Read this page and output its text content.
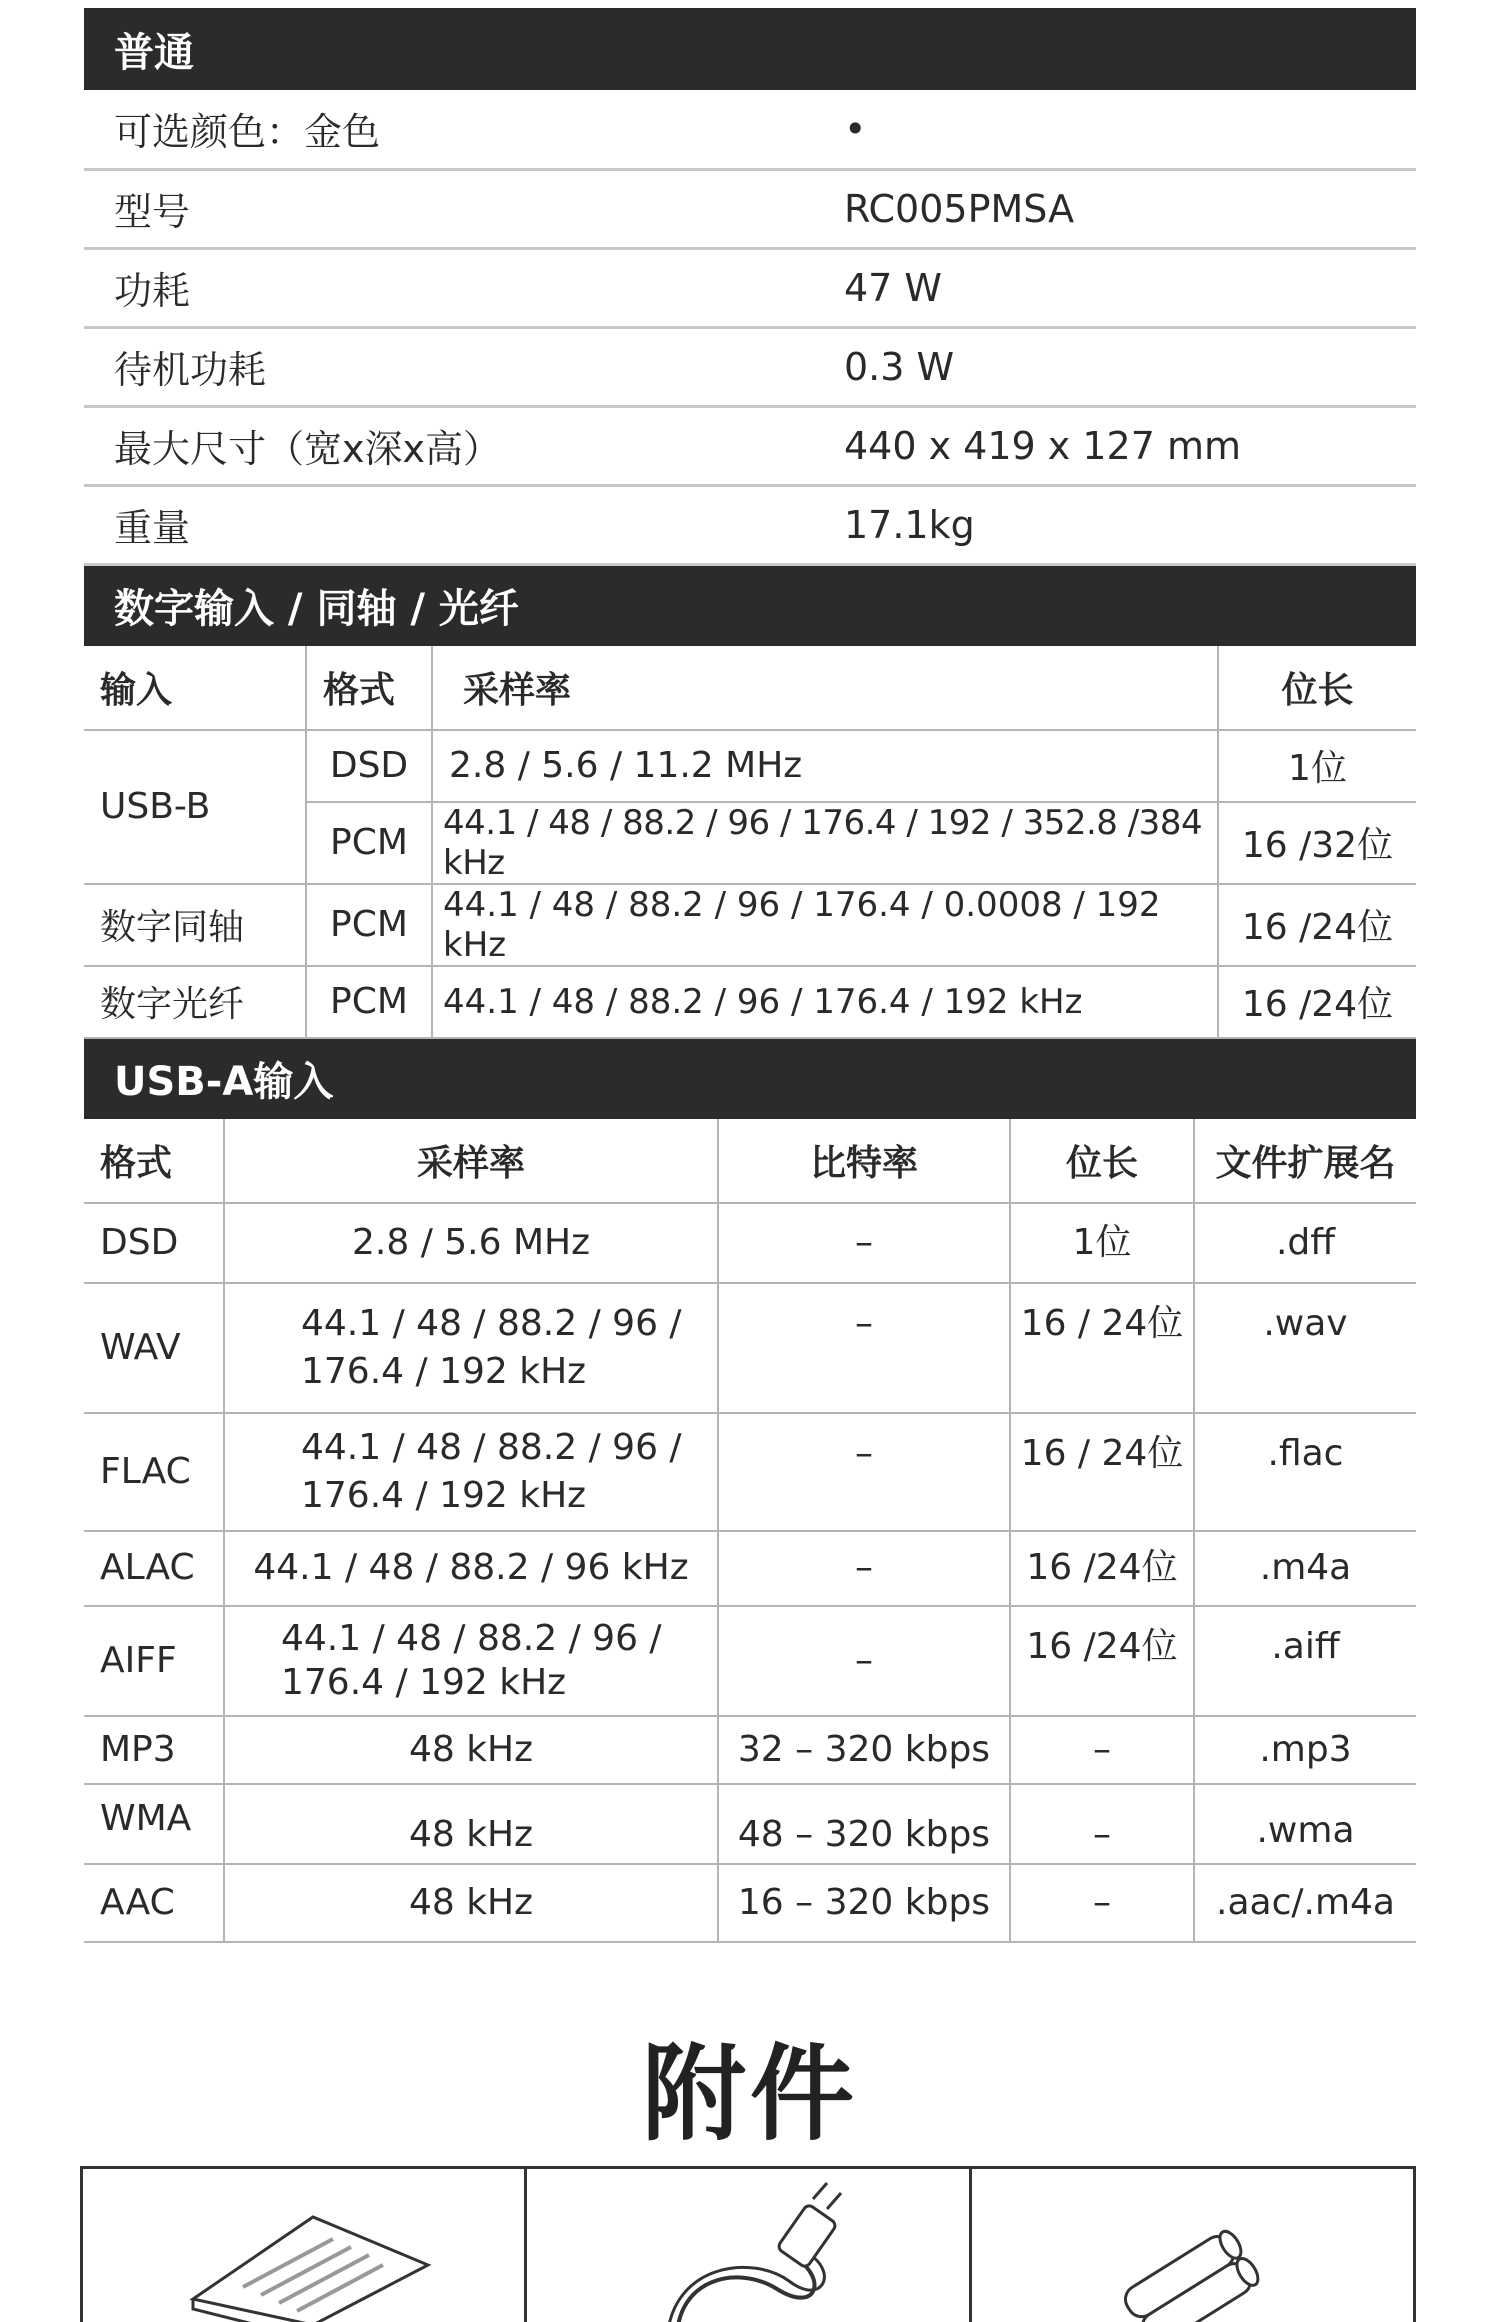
普通
可选颜色：金色	•
型号	RC005PMSA
功耗	47 W
待机功耗	0.3 W
最大尺寸（宽x深x高）	440 x 419 x 127 mm
重量	17.1kg
数字输入 / 同轴 / 光纤
输入	格式	采样率	位长
USB-B	DSD	2.8 / 5.6 / 11.2 MHz	1位
	PCM	44.1 / 48 / 88.2 / 96 / 176.4 / 192 / 352.8 /384 kHz	16 /32位
数字同轴	PCM	44.1 / 48 / 88.2 / 96 / 176.4 / 0.0008 / 192 kHz	16 /24位
数字光纤	PCM	44.1 / 48 / 88.2 / 96 / 176.4 / 192 kHz	16 /24位
USB-A输入
格式	采样率	比特率	位长	文件扩展名
DSD	2.8 / 5.6 MHz	–	1位	.dff
WAV	44.1 / 48 / 88.2 / 96 /
176.4 / 192 kHz	–	16 / 24位	.wav
FLAC	44.1 / 48 / 88.2 / 96 /
176.4 / 192 kHz	–	16 / 24位	.flac
ALAC	44.1 / 48 / 88.2 / 96 kHz	–	16 /24位	.m4a
AIFF	44.1 / 48 / 88.2 / 96 /
176.4 / 192 kHz	–	16 /24位	.aiff
MP3	48 kHz	32 – 320 kbps	–	.mp3
WMA	48 kHz	48 – 320 kbps	–	.wma
AAC	48 kHz	16 – 320 kbps	–	.aac/.m4a
附件
